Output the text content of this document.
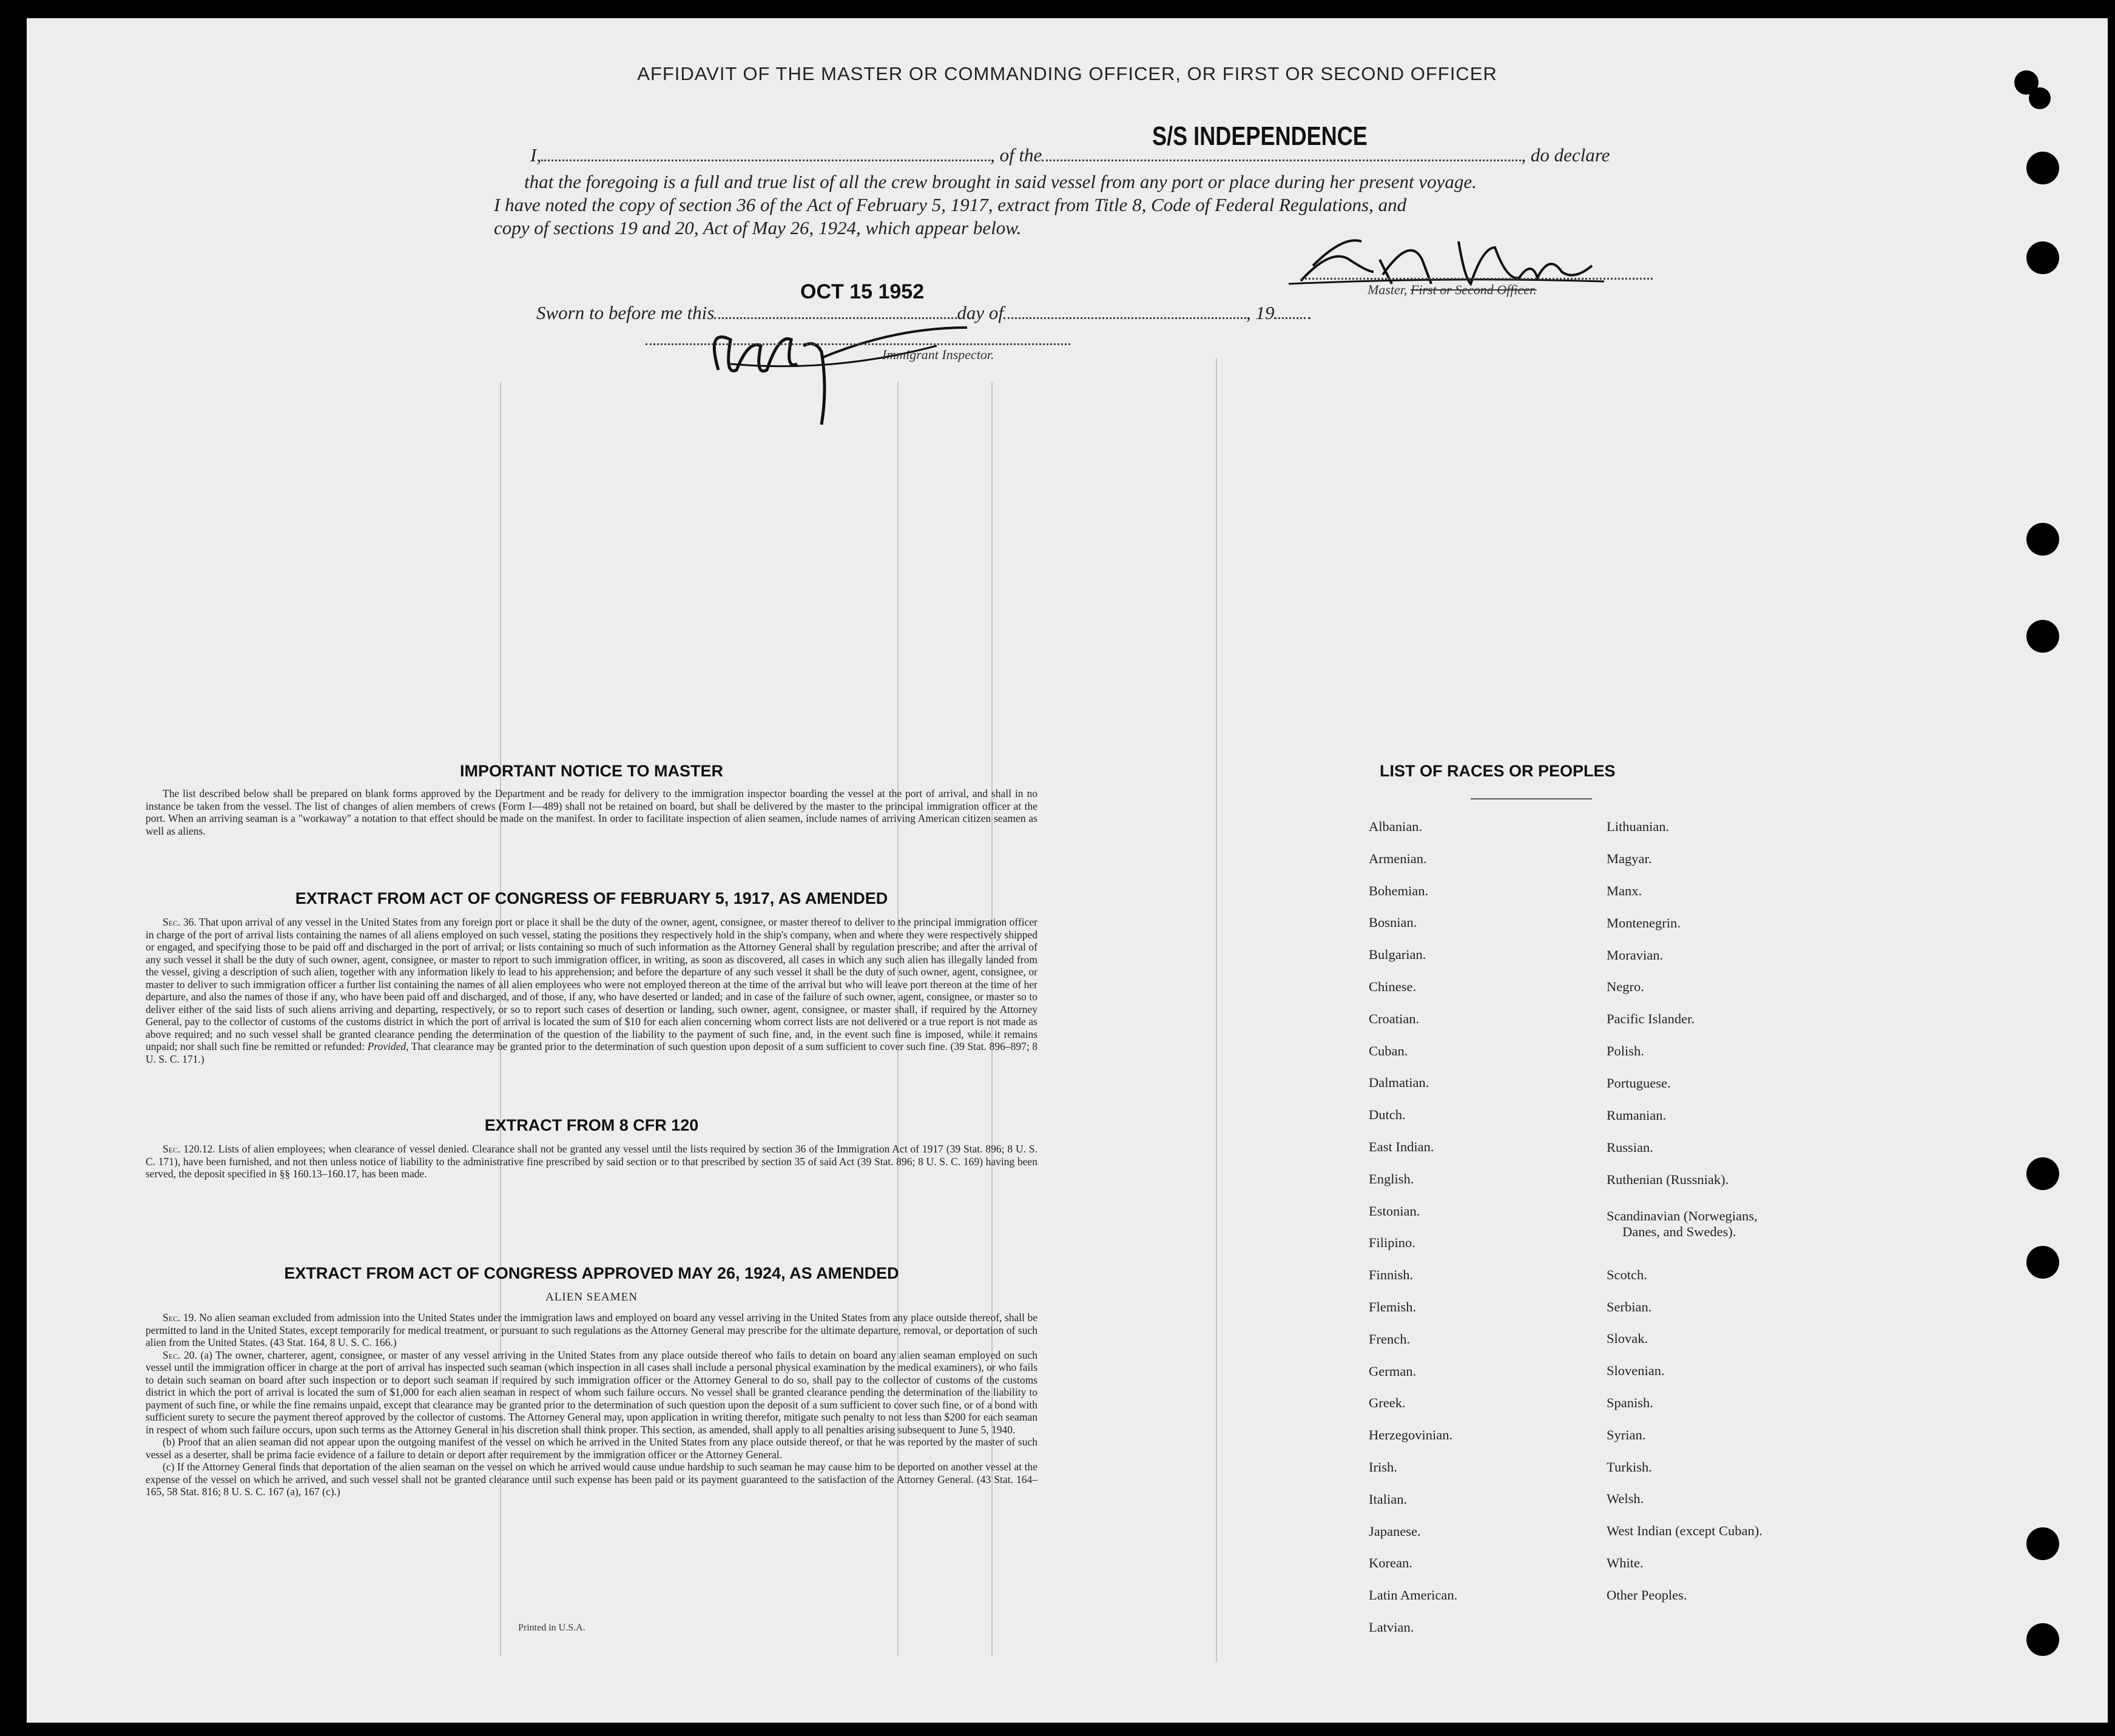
AFFIDAVIT OF THE MASTER OR COMMANDING OFFICER, OR FIRST OR SECOND OFFICER
I,	, of the	, do declare
S/S INDEPENDENCE
that the foregoing is a full and true list of all the crew brought in said vessel from any port or place during her present voyage.
I have noted the copy of section 36 of the Act of February 5, 1917, extract from Title 8, Code of Federal Regulations, and
copy of sections 19 and 20, Act of May 26, 1924, which appear below.
Master, First or Second Officer.
Sworn to before me this	day of	, 19
OCT 15 1952
Immigrant Inspector.
IMPORTANT NOTICE TO MASTER

The list described below shall be prepared on blank forms approved by the Department and be ready for delivery to the immigration inspector boarding the vessel at the port of arrival, and shall in no instance be taken from the vessel. The list of changes of alien members of crews (Form I—489) shall not be retained on board, but shall be delivered by the master to the principal immigration officer at the port. When an arriving seaman is a "workaway" a notation to that effect should be made on the manifest. In order to facilitate inspection of alien seamen, include names of arriving American citizen seamen as well as aliens.

EXTRACT FROM ACT OF CONGRESS OF FEBRUARY 5, 1917, AS AMENDED

Sec. 36. That upon arrival of any vessel in the United States from any foreign port or place it shall be the duty of the owner, agent, consignee, or master thereof to deliver to the principal immigration officer in charge of the port of arrival lists containing the names of all aliens employed on such vessel, stating the positions they respectively hold in the ship's company, when and where they were respectively shipped or engaged, and specifying those to be paid off and discharged in the port of arrival; or lists containing so much of such information as the Attorney General shall by regulation prescribe; and after the arrival of any such vessel it shall be the duty of such owner, agent, consignee, or master to report to such immigration officer, in writing, as soon as discovered, all cases in which any such alien has illegally landed from the vessel, giving a description of such alien, together with any information likely to lead to his apprehension; and before the departure of any such vessel it shall be the duty of such owner, agent, consignee, or master to deliver to such immigration officer a further list containing the names of all alien employees who were not employed thereon at the time of the arrival but who will leave port thereon at the time of her departure, and also the names of those if any, who have been paid off and discharged, and of those, if any, who have deserted or landed; and in case of the failure of such owner, agent, consignee, or master so to deliver either of the said lists of such aliens arriving and departing, respectively, or so to report such cases of desertion or landing, such owner, agent, consignee, or master shall, if required by the Attorney General, pay to the collector of customs of the customs district in which the port of arrival is located the sum of $10 for each alien concerning whom correct lists are not delivered or a true report is not made as above required; and no such vessel shall be granted clearance pending the determination of the question of the liability to the payment of such fine, and, in the event such fine is imposed, while it remains unpaid; nor shall such fine be remitted or refunded: Provided, That clearance may be granted prior to the determination of such question upon deposit of a sum sufficient to cover such fine. (39 Stat. 896–897; 8 U. S. C. 171.)

EXTRACT FROM 8 CFR 120

Sec. 120.12. Lists of alien employees; when clearance of vessel denied. Clearance shall not be granted any vessel until the lists required by section 36 of the Immigration Act of 1917 (39 Stat. 896; 8 U. S. C. 171), have been furnished, and not then unless notice of liability to the administrative fine prescribed by said section or to that prescribed by section 35 of said Act (39 Stat. 896; 8 U. S. C. 169) having been served, the deposit specified in §§ 160.13–160.17, has been made.

EXTRACT FROM ACT OF CONGRESS APPROVED MAY 26, 1924, AS AMENDED
ALIEN SEAMEN

Sec. 19. No alien seaman excluded from admission into the United States under the immigration laws and employed on board any vessel arriving in the United States from any place outside thereof, shall be permitted to land in the United States, except temporarily for medical treatment, or pursuant to such regulations as the Attorney General may prescribe for the ultimate departure, removal, or deportation of such alien from the United States. (43 Stat. 164, 8 U. S. C. 166.)

Sec. 20. (a) The owner, charterer, agent, consignee, or master of any vessel arriving in the United States from any place outside thereof who fails to detain on board any alien seaman employed on such vessel until the immigration officer in charge at the port of arrival has inspected such seaman (which inspection in all cases shall include a personal physical examination by the medical examiners), or who fails to detain such seaman on board after such inspection or to deport such seaman if required by such immigration officer or the Attorney General to do so, shall pay to the collector of customs of the customs district in which the port of arrival is located the sum of $1,000 for each alien seaman in respect of whom such failure occurs. No vessel shall be granted clearance pending the determination of the liability to payment of such fine, or while the fine remains unpaid, except that clearance may be granted prior to the determination of such question upon the deposit of a sum sufficient to cover such fine, or of a bond with sufficient surety to secure the payment thereof approved by the collector of customs. The Attorney General may, upon application in writing therefor, mitigate such penalty to not less than $200 for each seaman in respect of whom such failure occurs, upon such terms as the Attorney General in his discretion shall think proper. This section, as amended, shall apply to all penalties arising subsequent to June 5, 1940.

(b) Proof that an alien seaman did not appear upon the outgoing manifest of the vessel on which he arrived in the United States from any place outside thereof, or that he was reported by the master of such vessel as a deserter, shall be prima facie evidence of a failure to detain or deport after requirement by the immigration officer or the Attorney General.

(c) If the Attorney General finds that deportation of the alien seaman on the vessel on which he arrived would cause undue hardship to such seaman he may cause him to be deported on another vessel at the expense of the vessel on which he arrived, and such vessel shall not be granted clearance until such expense has been paid or its payment guaranteed to the satisfaction of the Attorney General. (43 Stat. 164–165, 58 Stat. 816; 8 U. S. C. 167 (a), 167 (c).)

Printed in U.S.A.
LIST OF RACES OR PEOPLES
Albanian.
Armenian.
Bohemian.
Bosnian.
Bulgarian.
Chinese.
Croatian.
Cuban.
Dalmatian.
Dutch.
East Indian.
English.
Estonian.
Filipino.
Finnish.
Flemish.
French.
German.
Greek.
Herzegovinian.
Irish.
Italian.
Japanese.
Korean.
Latin American.
Latvian.
Lithuanian.
Magyar.
Manx.
Montenegrin.
Moravian.
Negro.
Pacific Islander.
Polish.
Portuguese.
Rumanian.
Russian.
Ruthenian (Russniak).
Scandinavian (Norwegians,
Danes, and Swedes).
Scotch.
Serbian.
Slovak.
Slovenian.
Spanish.
Syrian.
Turkish.
Welsh.
West Indian (except Cuban).
White.
Other Peoples.
